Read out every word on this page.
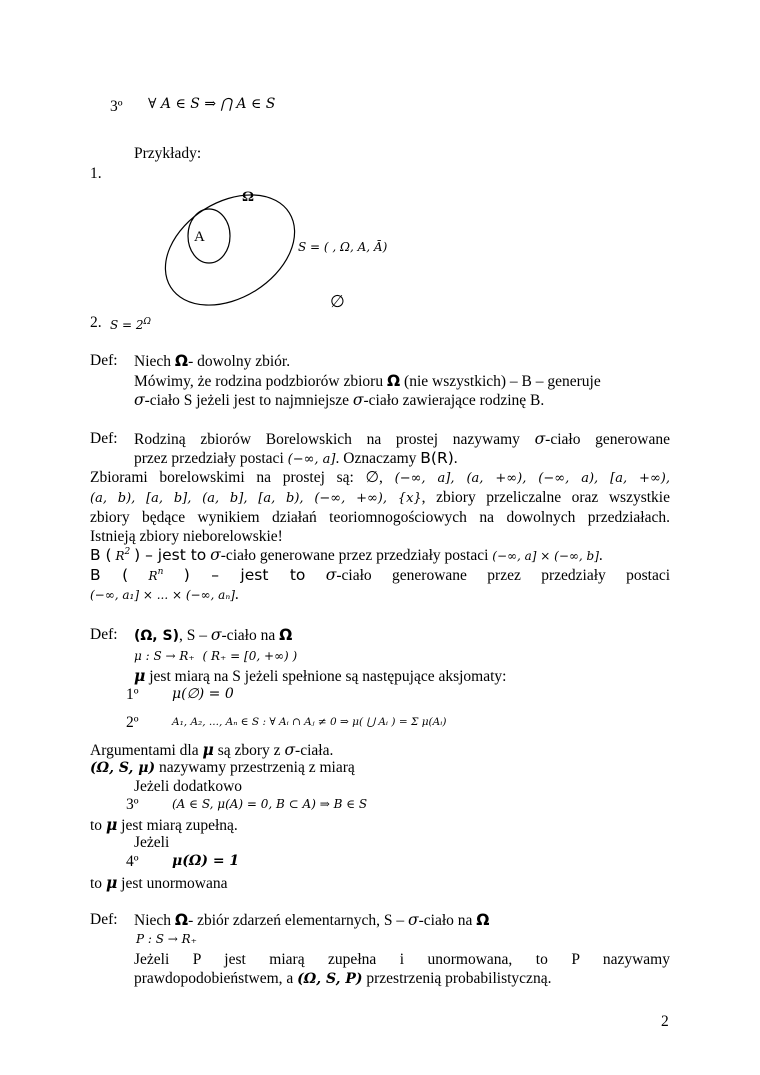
3º ∀ A ∈ S ⇒ ⋂ A ∈ S
Przykłady:
1.
A
Ω
S = ( , Ω, A, Ā)
∅
2. $S = 2^\Omega$
Def: Niech Ω- dowolny zbiór.
Mówimy, że rodzina podzbiorów zbioru Ω (nie wszystkich) – B – generuje
σ-ciało S jeżeli jest to najmniejsze σ-ciało zawierające rodzinę B.
Def: Rodziną zbiorów Borelowskich na prostej nazywamy σ-ciało generowane
przez przedziały postaci (−∞, a]. Oznaczamy B(R).
Zbiorami borelowskimi na prostej są: ∅, (−∞, a], (a, +∞), (−∞, a), [a, +∞),
(a, b), [a, b], (a, b], [a, b), (−∞, +∞), {x}, zbiory przeliczalne oraz wszystkie
zbiory będące wynikiem działań teoriomnogościowych na dowolnych przedziałach.
Istnieją zbiory nieborelowskie!
B ( $R^2$ ) – jest to σ-ciało generowane przez przedziały postaci (−∞, a] × (−∞, b].
B ( $R^n$ ) – jest to σ-ciało generowane przez przedziały postaci
(−∞, a₁] × ... × (−∞, aₙ].
Def: (Ω, S), S – σ-ciało na Ω
μ : S → R₊ ( R₊ = [0, +∞) )
μ jest miarą na S jeżeli spełnione są następujące aksjomaty:
1º μ(∅) = 0
2º	A₁, A₂, ..., Aₙ ∈ S : ∀ Aᵢ ∩ Aⱼ ≠ 0 ⇒ μ( ⋃ Aᵢ ) = Σ μ(Aᵢ)
Argumentami dla μ są zbory z σ-ciała.
(Ω, S, μ) nazywamy przestrzenią z miarą
Jeżeli dodatkowo
3º	(A ∈ S, μ(A) = 0, B ⊂ A) ⇒ B ∈ S
to μ jest miarą zupełną.
Jeżeli
4º μ(Ω) = 1
to μ jest unormowana
Def: Niech Ω- zbiór zdarzeń elementarnych, S – σ-ciało na Ω
P : S → R₊
Jeżeli P jest miarą zupełna i unormowana, to P nazywamy
prawdopodobieństwem, a (Ω, S, P) przestrzenią probabilistyczną.
2
